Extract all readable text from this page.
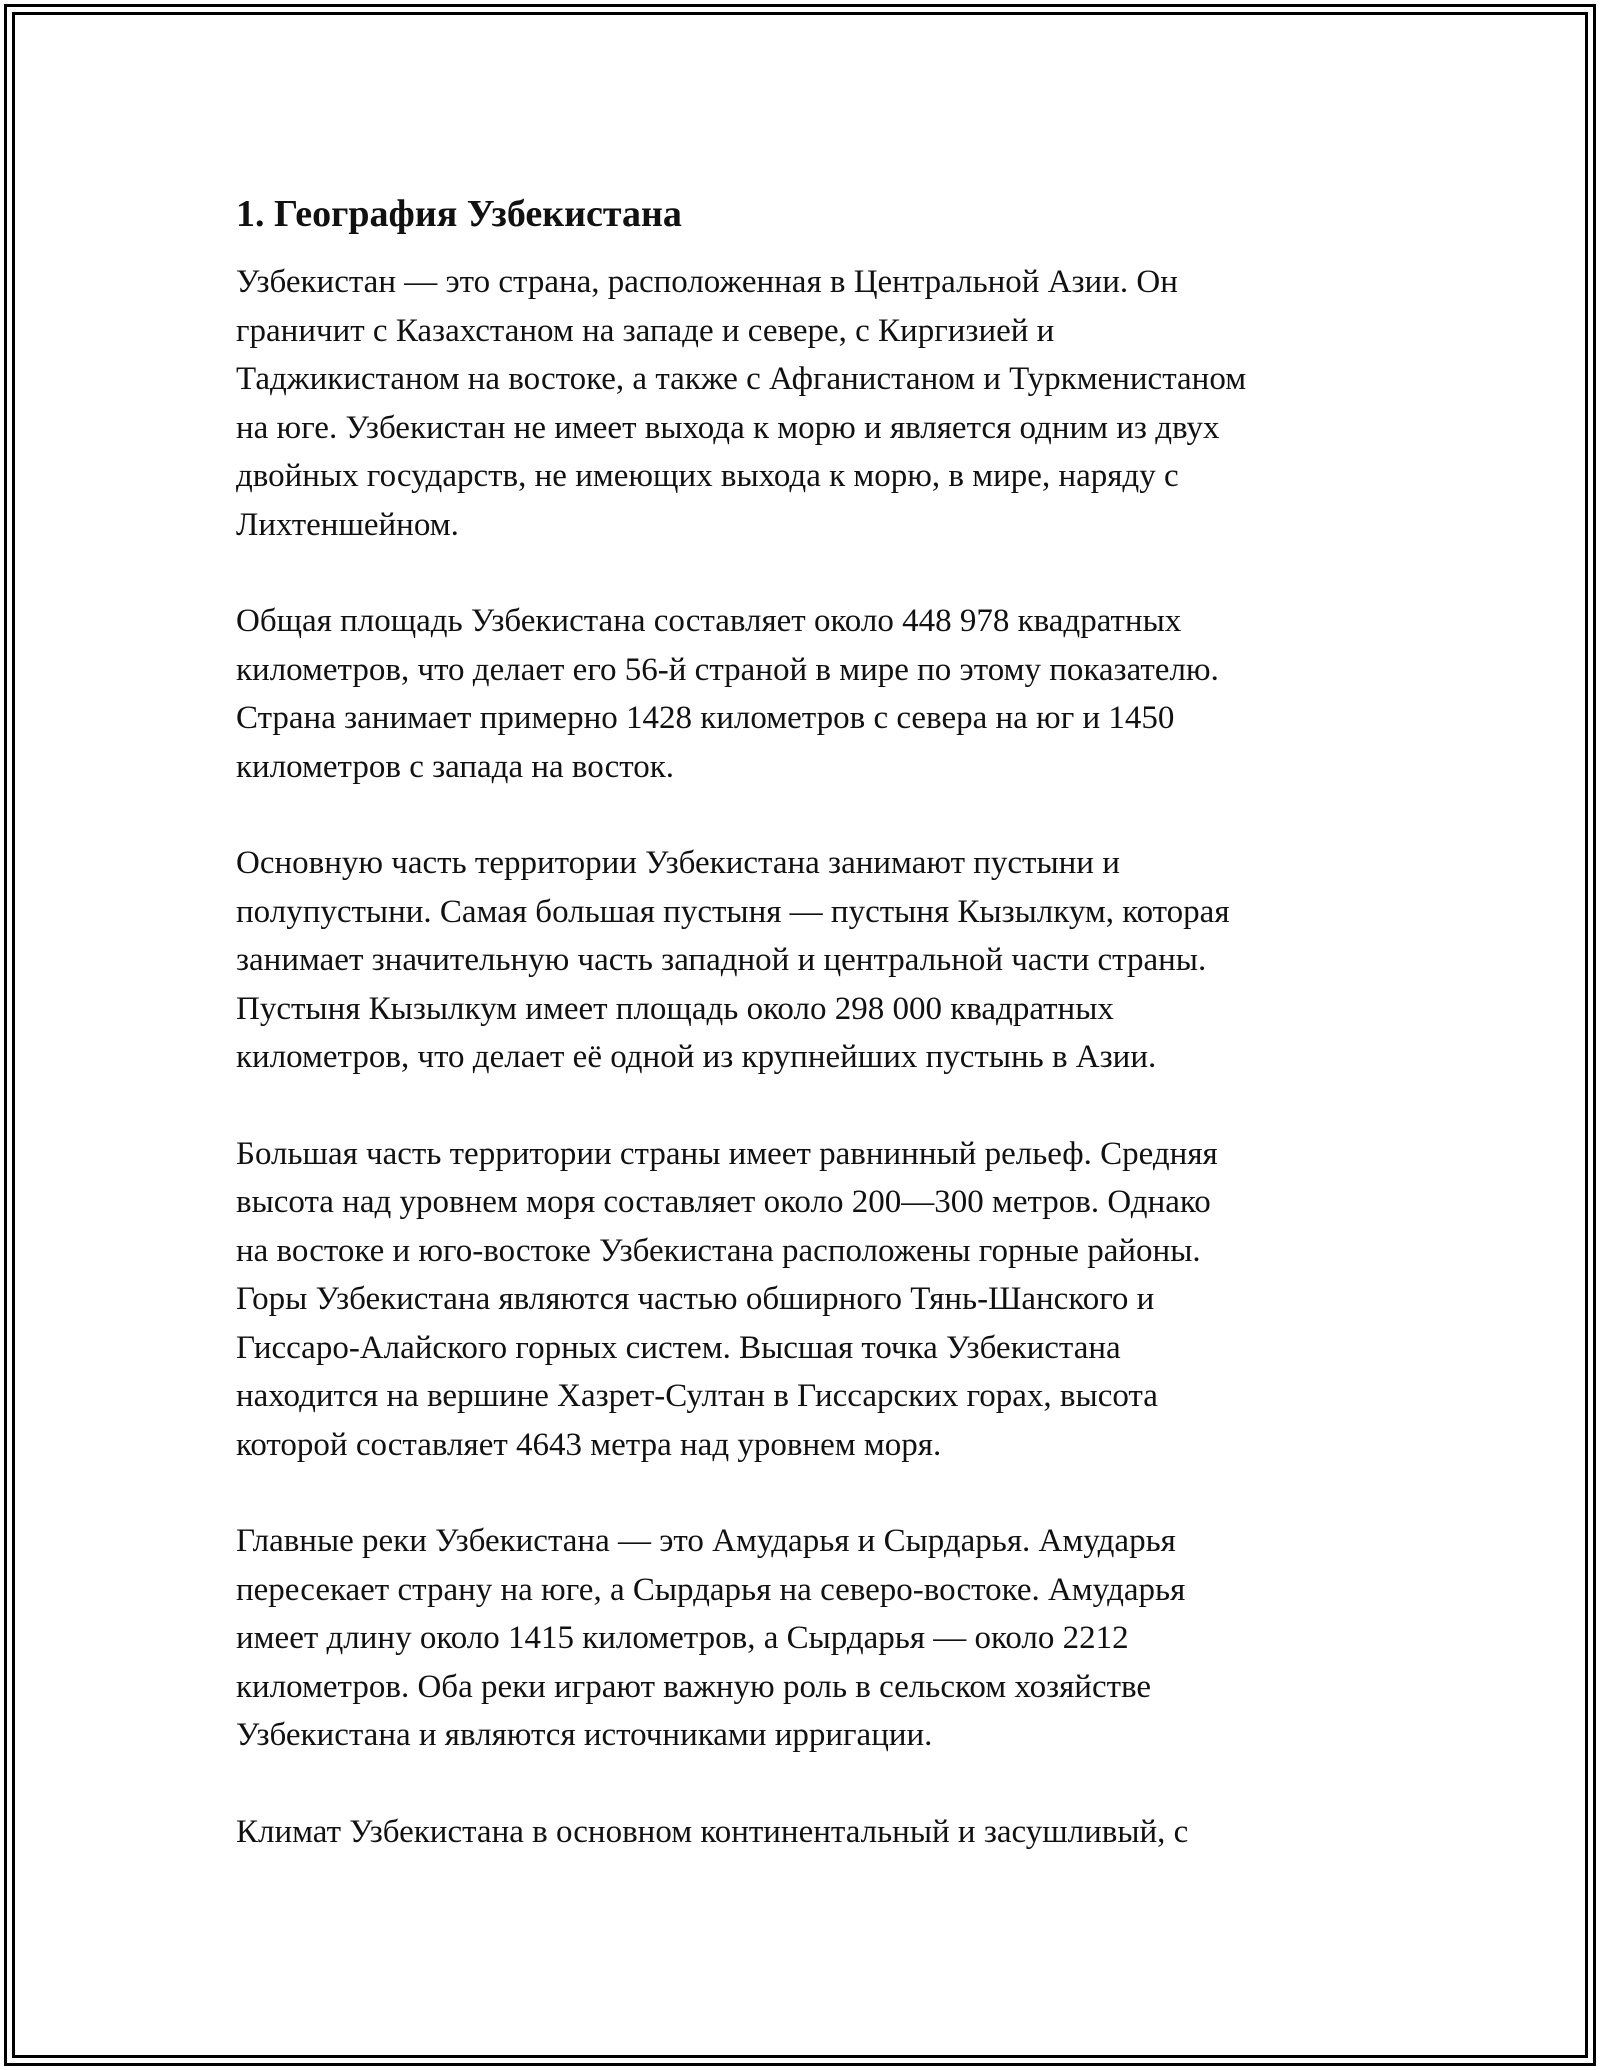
1. География Узбекистана

Узбекистан — это страна, расположенная в Центральной Азии. Он
граничит с Казахстаном на западе и севере, с Киргизией и
Таджикистаном на востоке, а также с Афганистаном и Туркменистаном
на юге. Узбекистан не имеет выхода к морю и является одним из двух
двойных государств, не имеющих выхода к морю, в мире, наряду с
Лихтеншейном.

Общая площадь Узбекистана составляет около 448 978 квадратных
километров, что делает его 56-й страной в мире по этому показателю.
Страна занимает примерно 1428 километров с севера на юг и 1450
километров с запада на восток.

Основную часть территории Узбекистана занимают пустыни и
полупустыни. Самая большая пустыня — пустыня Кызылкум, которая
занимает значительную часть западной и центральной части страны.
Пустыня Кызылкум имеет площадь около 298 000 квадратных
километров, что делает её одной из крупнейших пустынь в Азии.

Большая часть территории страны имеет равнинный рельеф. Средняя
высота над уровнем моря составляет около 200—300 метров. Однако
на востоке и юго-востоке Узбекистана расположены горные районы.
Горы Узбекистана являются частью обширного Тянь-Шанского и
Гиссаро-Алайского горных систем. Высшая точка Узбекистана
находится на вершине Хазрет-Султан в Гиссарских горах, высота
которой составляет 4643 метра над уровнем моря.

Главные реки Узбекистана — это Амударья и Сырдарья. Амударья
пересекает страну на юге, а Сырдарья на северо-востоке. Амударья
имеет длину около 1415 километров, а Сырдарья — около 2212
километров. Оба реки играют важную роль в сельском хозяйстве
Узбекистана и являются источниками ирригации.

Климат Узбекистана в основном континентальный и засушливый, с
